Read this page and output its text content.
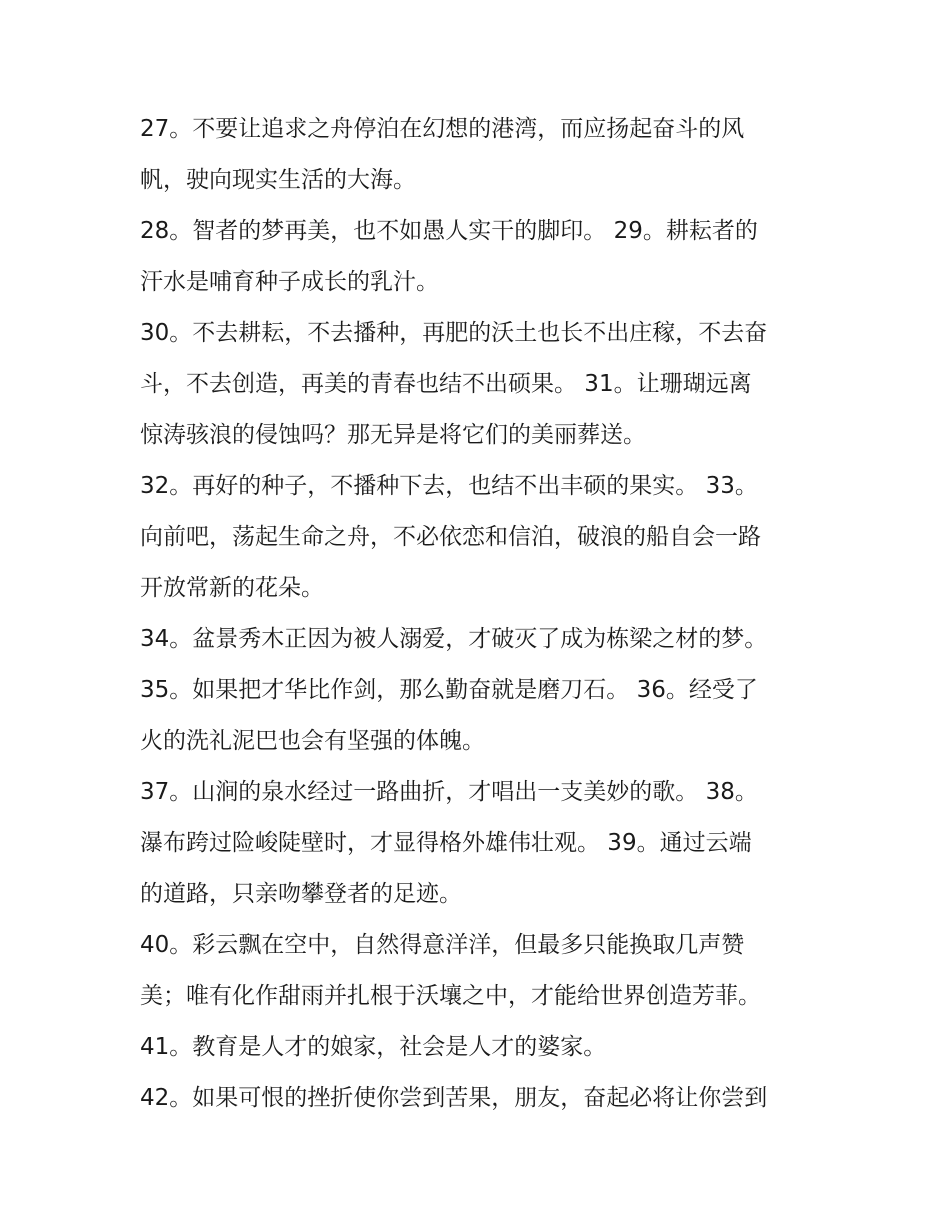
27。不要让追求之舟停泊在幻想的港湾，而应扬起奋斗的风
帆，驶向现实生活的大海。

28。智者的梦再美，也不如愚人实干的脚印。 29。耕耘者的
汗水是哺育种子成长的乳汁。

30。不去耕耘，不去播种，再肥的沃土也长不出庄稼，不去奋
斗，不去创造，再美的青春也结不出硕果。 31。让珊瑚远离
惊涛骇浪的侵蚀吗？那无异是将它们的美丽葬送。

32。再好的种子，不播种下去，也结不出丰硕的果实。 33。
向前吧，荡起生命之舟，不必依恋和信泊，破浪的船自会一路
开放常新的花朵。

34。盆景秀木正因为被人溺爱，才破灭了成为栋梁之材的梦。

35。如果把才华比作剑，那么勤奋就是磨刀石。 36。经受了
火的洗礼泥巴也会有坚强的体魄。

37。山涧的泉水经过一路曲折，才唱出一支美妙的歌。 38。
瀑布跨过险峻陡壁时，才显得格外雄伟壮观。 39。通过云端
的道路，只亲吻攀登者的足迹。

40。彩云飘在空中，自然得意洋洋，但最多只能换取几声赞
美；唯有化作甜雨并扎根于沃壤之中，才能给世界创造芳菲。

41。教育是人才的娘家，社会是人才的婆家。

42。如果可恨的挫折使你尝到苦果，朋友，奋起必将让你尝到
